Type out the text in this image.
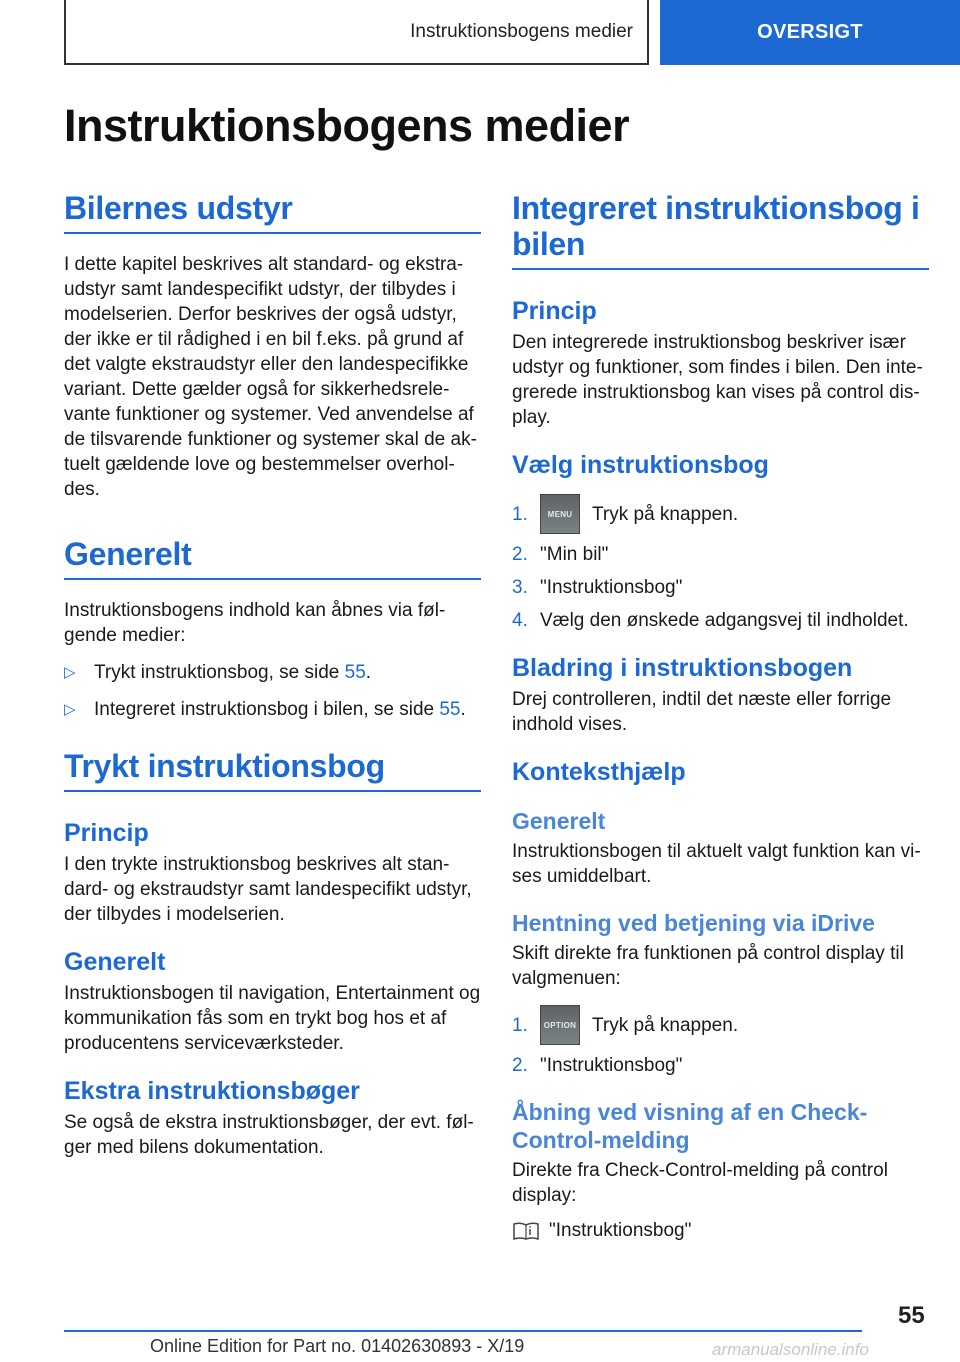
Instruktionsbogens medier	OVERSIGT
Instruktionsbogens medier
Bilernes udstyr

I dette kapitel beskrives alt standard- og ekstraudstyr samt landespecifikt udstyr, der tilbydes i modelserien. Derfor beskrives der også udstyr, der ikke er til rådighed i en bil f.eks. på grund af det valgte ekstraudstyr eller den landespecifikke variant. Dette gælder også for sikkerhedsrelevante funktioner og systemer. Ved anvendelse af de tilsvarende funktioner og systemer skal de aktuelt gældende love og bestemmelser overholdes.

Generelt

Instruktionsbogens indhold kan åbnes via følgende medier:

▷ Trykt instruktionsbog, se side 55.
▷ Integreret instruktionsbog i bilen, se side 55.
Trykt instruktionsbog
Princip

I den trykte instruktionsbog beskrives alt standard- og ekstraudstyr samt landespecifikt udstyr, der tilbydes i modelserien.

Generelt

Instruktionsbogen til navigation, Entertainment og kommunikation fås som en trykt bog hos et af producentens serviceværksteder.

Ekstra instruktionsbøger

Se også de ekstra instruktionsbøger, der evt. følger med bilens dokumentation.

Integreret instruktionsbog i bilen
Princip

Den integrerede instruktionsbog beskriver især udstyr og funktioner, som findes i bilen. Den integrerede instruktionsbog kan vises på control display.

Vælg instruktionsbog
1.	MENU	Tryk på knappen.
2. "Min bil"
3. "Instruktionsbog"
4. Vælg den ønskede adgangsvej til indholdet.
Bladring i instruktionsbogen

Drej controlleren, indtil det næste eller forrige indhold vises.

Konteksthjælp
Generelt

Instruktionsbogen til aktuelt valgt funktion kan vises umiddelbart.

Hentning ved betjening via iDrive

Skift direkte fra funktionen på control display til valgmenuen:

1.	OPTION Tryk på knappen.
2. "Instruktionsbog"
Åbning ved visning af en Check-Control-melding

Direkte fra Check-Control-melding på control display:

"Instruktionsbog"
55
Online Edition for Part no. 01402630893 - X/19	armanualsonline.info
